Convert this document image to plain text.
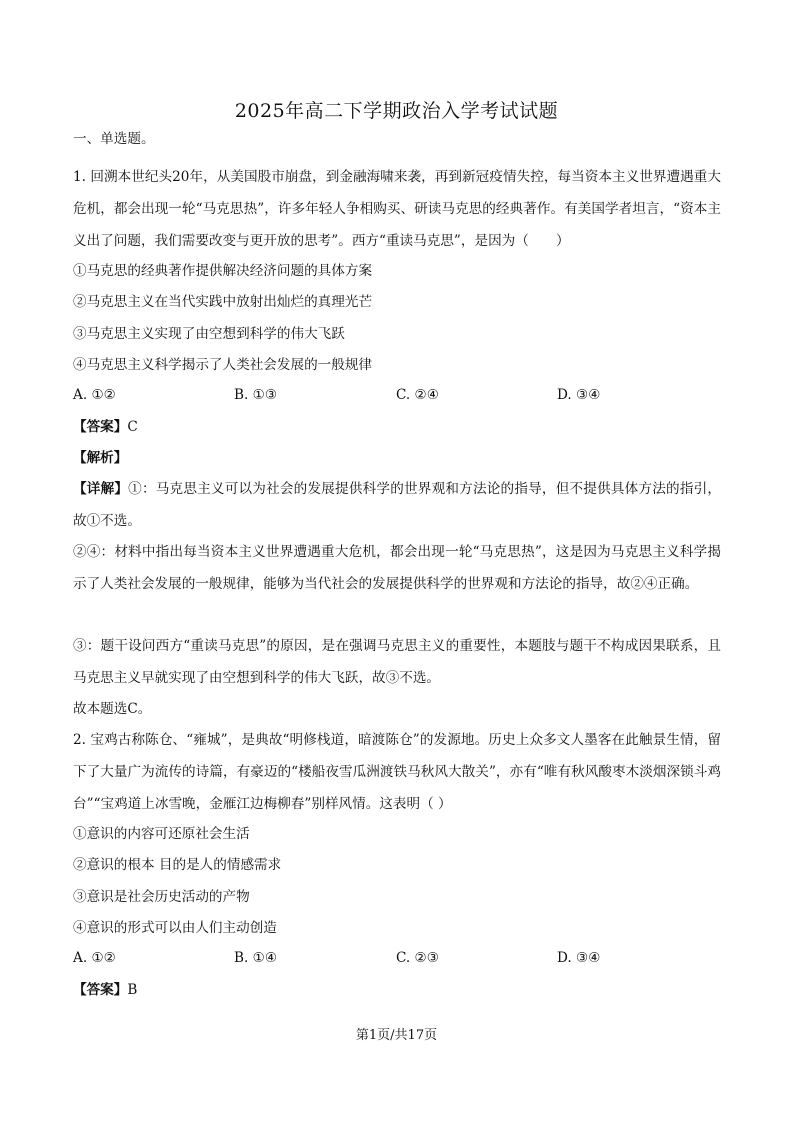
2025年高二下学期政治入学考试试题
一、单选题。
1. 回溯本世纪头20年，从美国股市崩盘，到金融海啸来袭，再到新冠疫情失控，每当资本主义世界遭遇重大危机，都会出现一轮“马克思热”，许多年轻人争相购买、研读马克思的经典著作。有美国学者坦言，“资本主义出了问题，我们需要改变与更开放的思考”。西方“重读马克思”，是因为（　　）
①马克思的经典著作提供解决经济问题的具体方案
②马克思主义在当代实践中放射出灿烂的真理光芒
③马克思主义实现了由空想到科学的伟大飞跃
④马克思主义科学揭示了人类社会发展的一般规律
A. ①②	B. ①③	C. ②④	D. ③④
【答案】C
【解析】
【详解】①：马克思主义可以为社会的发展提供科学的世界观和方法论的指导，但不提供具体方法的指引，故①不选。
②④：材料中指出每当资本主义世界遭遇重大危机，都会出现一轮“马克思热”，这是因为马克思主义科学揭示了人类社会发展的一般规律，能够为当代社会的发展提供科学的世界观和方法论的指导，故②④正确。
③：题干设问西方“重读马克思”的原因，是在强调马克思主义的重要性，本题肢与题干不构成因果联系，且马克思主义早就实现了由空想到科学的伟大飞跃，故③不选。
故本题选C。
2. 宝鸡古称陈仓、“雍城”，是典故“明修栈道，暗渡陈仓”的发源地。历史上众多文人墨客在此触景生情，留下了大量广为流传的诗篇，有豪迈的“楼船夜雪瓜洲渡铁马秋风大散关”，亦有“唯有秋风酸枣木淡烟深锁斗鸡台”“宝鸡道上冰雪晚，金雁江边梅柳春”别样风情。这表明（ ）
①意识的内容可还原社会生活
②意识的根本 目的是人的情感需求
③意识是社会历史活动的产物
④意识的形式可以由人们主动创造
A. ①②	B. ①④	C. ②③	D. ③④
【答案】B
第1页/共17页
